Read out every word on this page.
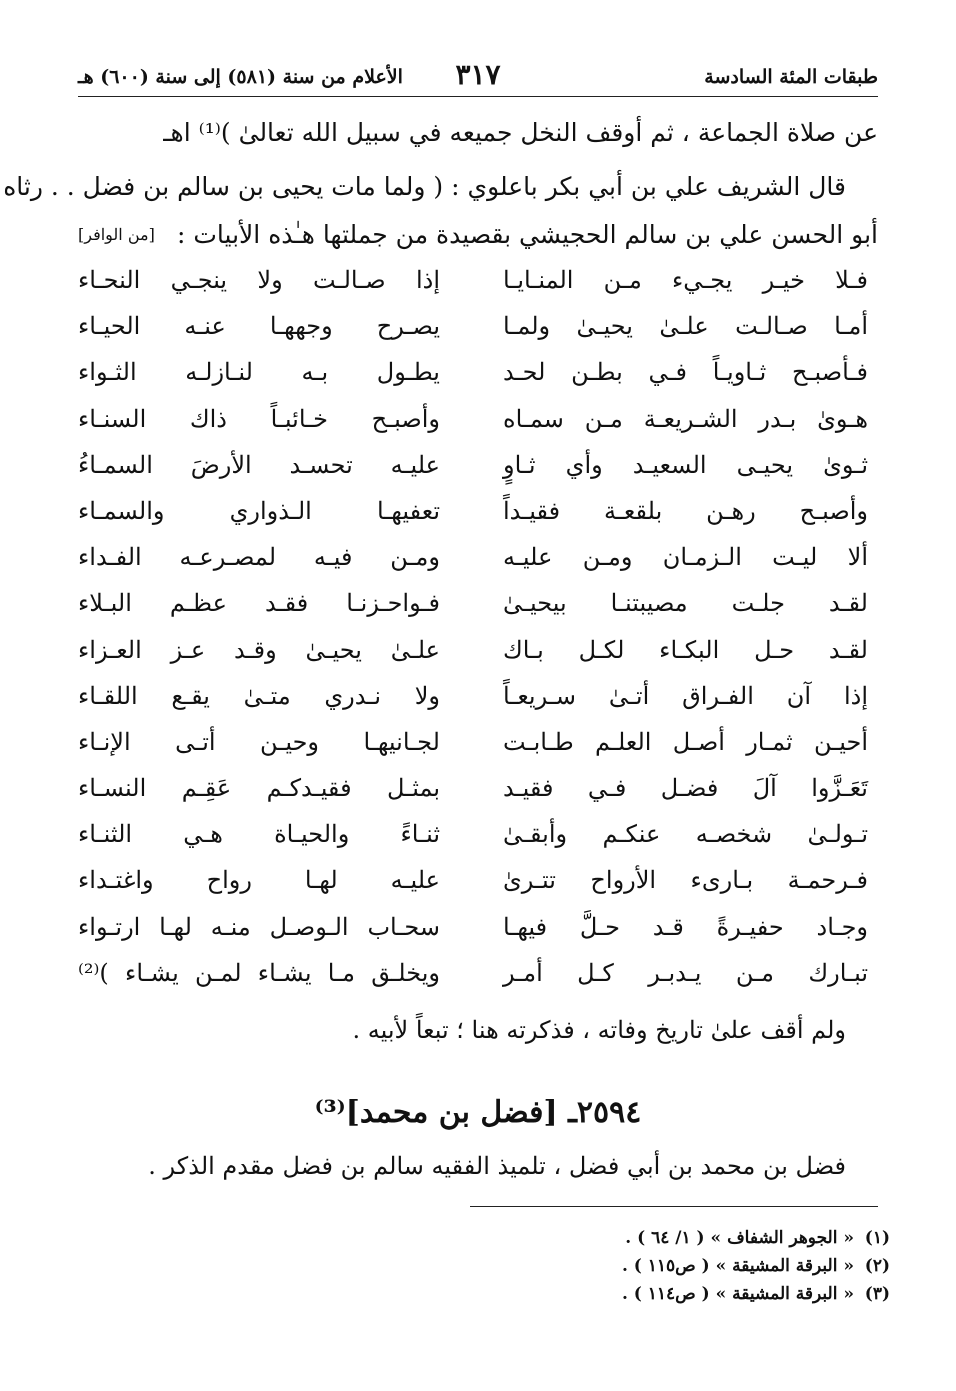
طبقات المئة السادسة
٣١٧
الأعلام من سنة (٥٨١) إلى سنة (٦٠٠) هـ
عن صلاة الجماعة ، ثم أوقف النخل جميعه في سبيل الله تعالىٰ )⁽¹⁾ اهـ
قال الشريف علي بن أبي بكر باعلوي : ( ولما مات يحيى بن سالم بن فضل . . رثاه
أبو الحسن علي بن سالم الحجيشي بقصيدة من جملتها هـٰذه الأبيات :
[من الوافر]
فـلا خيـر يجـيء مـن المنـايـا
إذا صـالـت ولا ينجـي النحـاء
أمـا صـالـت علـىٰ يحيـىٰ ولمـا
يصـرح وجههـا عنـه الحيـاء
فـأصبـح ثـاويـاً فـي بطـن لحـد
يطـول بـه لنـازلـه الثـواء
هـوىٰ بـدر الشـريعـة مـن سمـاه
وأصبـح خـائبـاً ذاك السنـاء
ثـوىٰ يحيـى السعيـد وأي ثـاوٍ
عليـه تحسـد الأرضَ السمـاءُ
وأصبـح رهـن بلقعـة فقيـداً
تعفيهـا الـذواري والسمـاء
ألا ليـت الـزمـان ومـن عليـه
ومـن فيـه لمصـرعـه الفـداء
لقـد جلـت مصيبتنـا بيحيـىٰ
فـواحـزنـا فقـد عظـم البـلاء
لقـد حـل البكـاء لكـل بـاك
علـىٰ يحيـىٰ وقـد عـز العـزاء
إذا آن الفـراق أتـىٰ سـريعـاً
ولا نـدري متـىٰ يقـع اللقـاء
أحيـن ثمـار أصـل العلـم طـابـت
لجـانيهـا وحيـن أتـى الإنـاء
تَعَـزَّوا آلَ فضـل فـي فقيـد
بمثـل فقيـدكـم عَقِـم النسـاء
تـولـىٰ شخصـه عنكـم وأبقـىٰ
ثنـاءً والحيـاة هـي الثنـاء
فـرحمـة بـارىء الأرواح تتـرىٰ
عليـه لهـا رواح واغتـداء
وجـاد حفيـرةً قـد حـلَّ فيهـا
سحـاب الـوصـل منـه لهـا ارتـواء
تبـارك مـن يـدبـر كـل أمـر
ويخلـق مـا يشـاء لمـن يشـاء )⁽²⁾
ولم أقف علىٰ تاريخ وفاته ، فذكرته هنا ؛ تبعاً لأبيه .
٢٥٩٤ـ [فضل بن محمد]⁽³⁾
فضل بن محمد بن أبي فضل ، تلميذ الفقيه سالم بن فضل مقدم الذكر .
(١)« الجوهر الشفاف » ( ١/ ٦٤ ) .
(٢)« البرقة المشيقة » ( ص١١٥ ) .
(٣)« البرقة المشيقة » ( ص١١٤ ) .
